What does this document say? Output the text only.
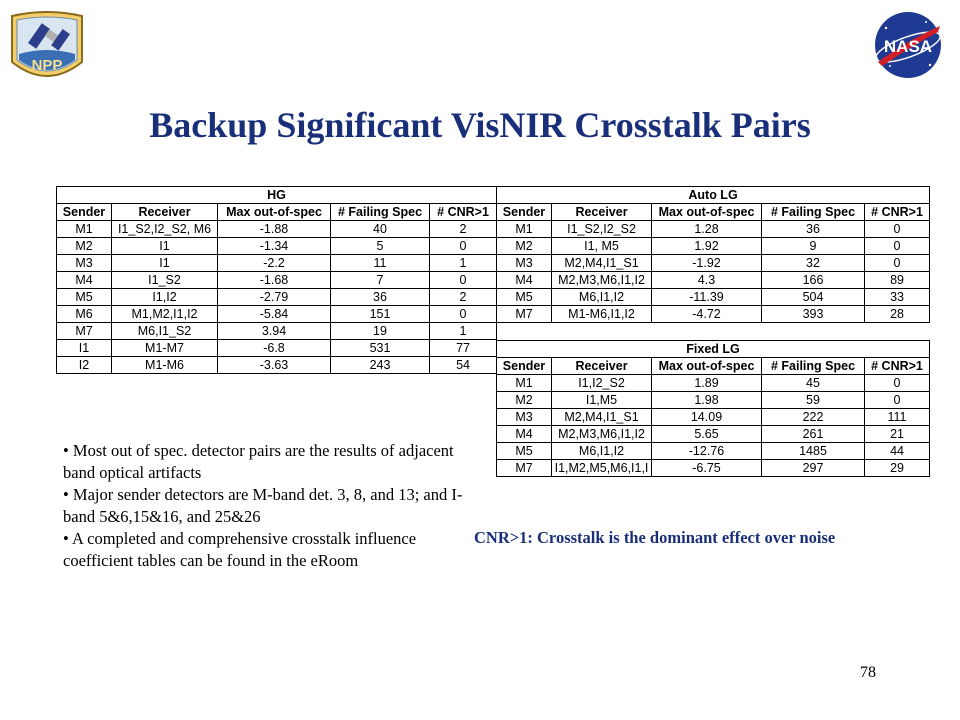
NPP
NASA
Backup Significant VisNIR Crosstalk Pairs
HG				
Sender	Receiver	Max out-of-spec	# Failing Spec	# CNR>1
M1	I1_S2,I2_S2, M6	-1.88	40	2
M2	I1	-1.34	5	0
M3	I1	-2.2	11	1
M4	I1_S2	-1.68	7	0
M5	I1,I2	-2.79	36	2
M6	M1,M2,I1,I2	-5.84	151	0
M7	M6,I1_S2	3.94	19	1
I1	M1-M7	-6.8	531	77
I2	M1-M6	-3.63	243	54
Auto LG				
Sender	Receiver	Max out-of-spec	# Failing Spec	# CNR>1
M1	I1_S2,I2_S2	1.28	36	0
M2	I1, M5	1.92	9	0
M3	M2,M4,I1_S1	-1.92	32	0
M4	M2,M3,M6,I1,I2	4.3	166	89
M5	M6,I1,I2	-11.39	504	33
M7	M1-M6,I1,I2	-4.72	393	28
Fixed LG				
Sender	Receiver	Max out-of-spec	# Failing Spec	# CNR>1
M1	I1,I2_S2	1.89	45	0
M2	I1,M5	1.98	59	0
M3	M2,M4,I1_S1	14.09	222	111
M4	M2,M3,M6,I1,I2	5.65	261	21
M5	M6,I1,I2	-12.76	1485	44
M7	I1,M2,M5,M6,I1,I	-6.75	297	29

• Most out of spec. detector pairs are the results of adjacent band optical artifacts

• Major sender detectors are M-band det. 3, 8, and 13; and I-band 5&6,15&16, and 25&26

• A completed and comprehensive crosstalk influence coefficient tables can be found in the eRoom

CNR>1: Crosstalk is the dominant effect over noise
78
